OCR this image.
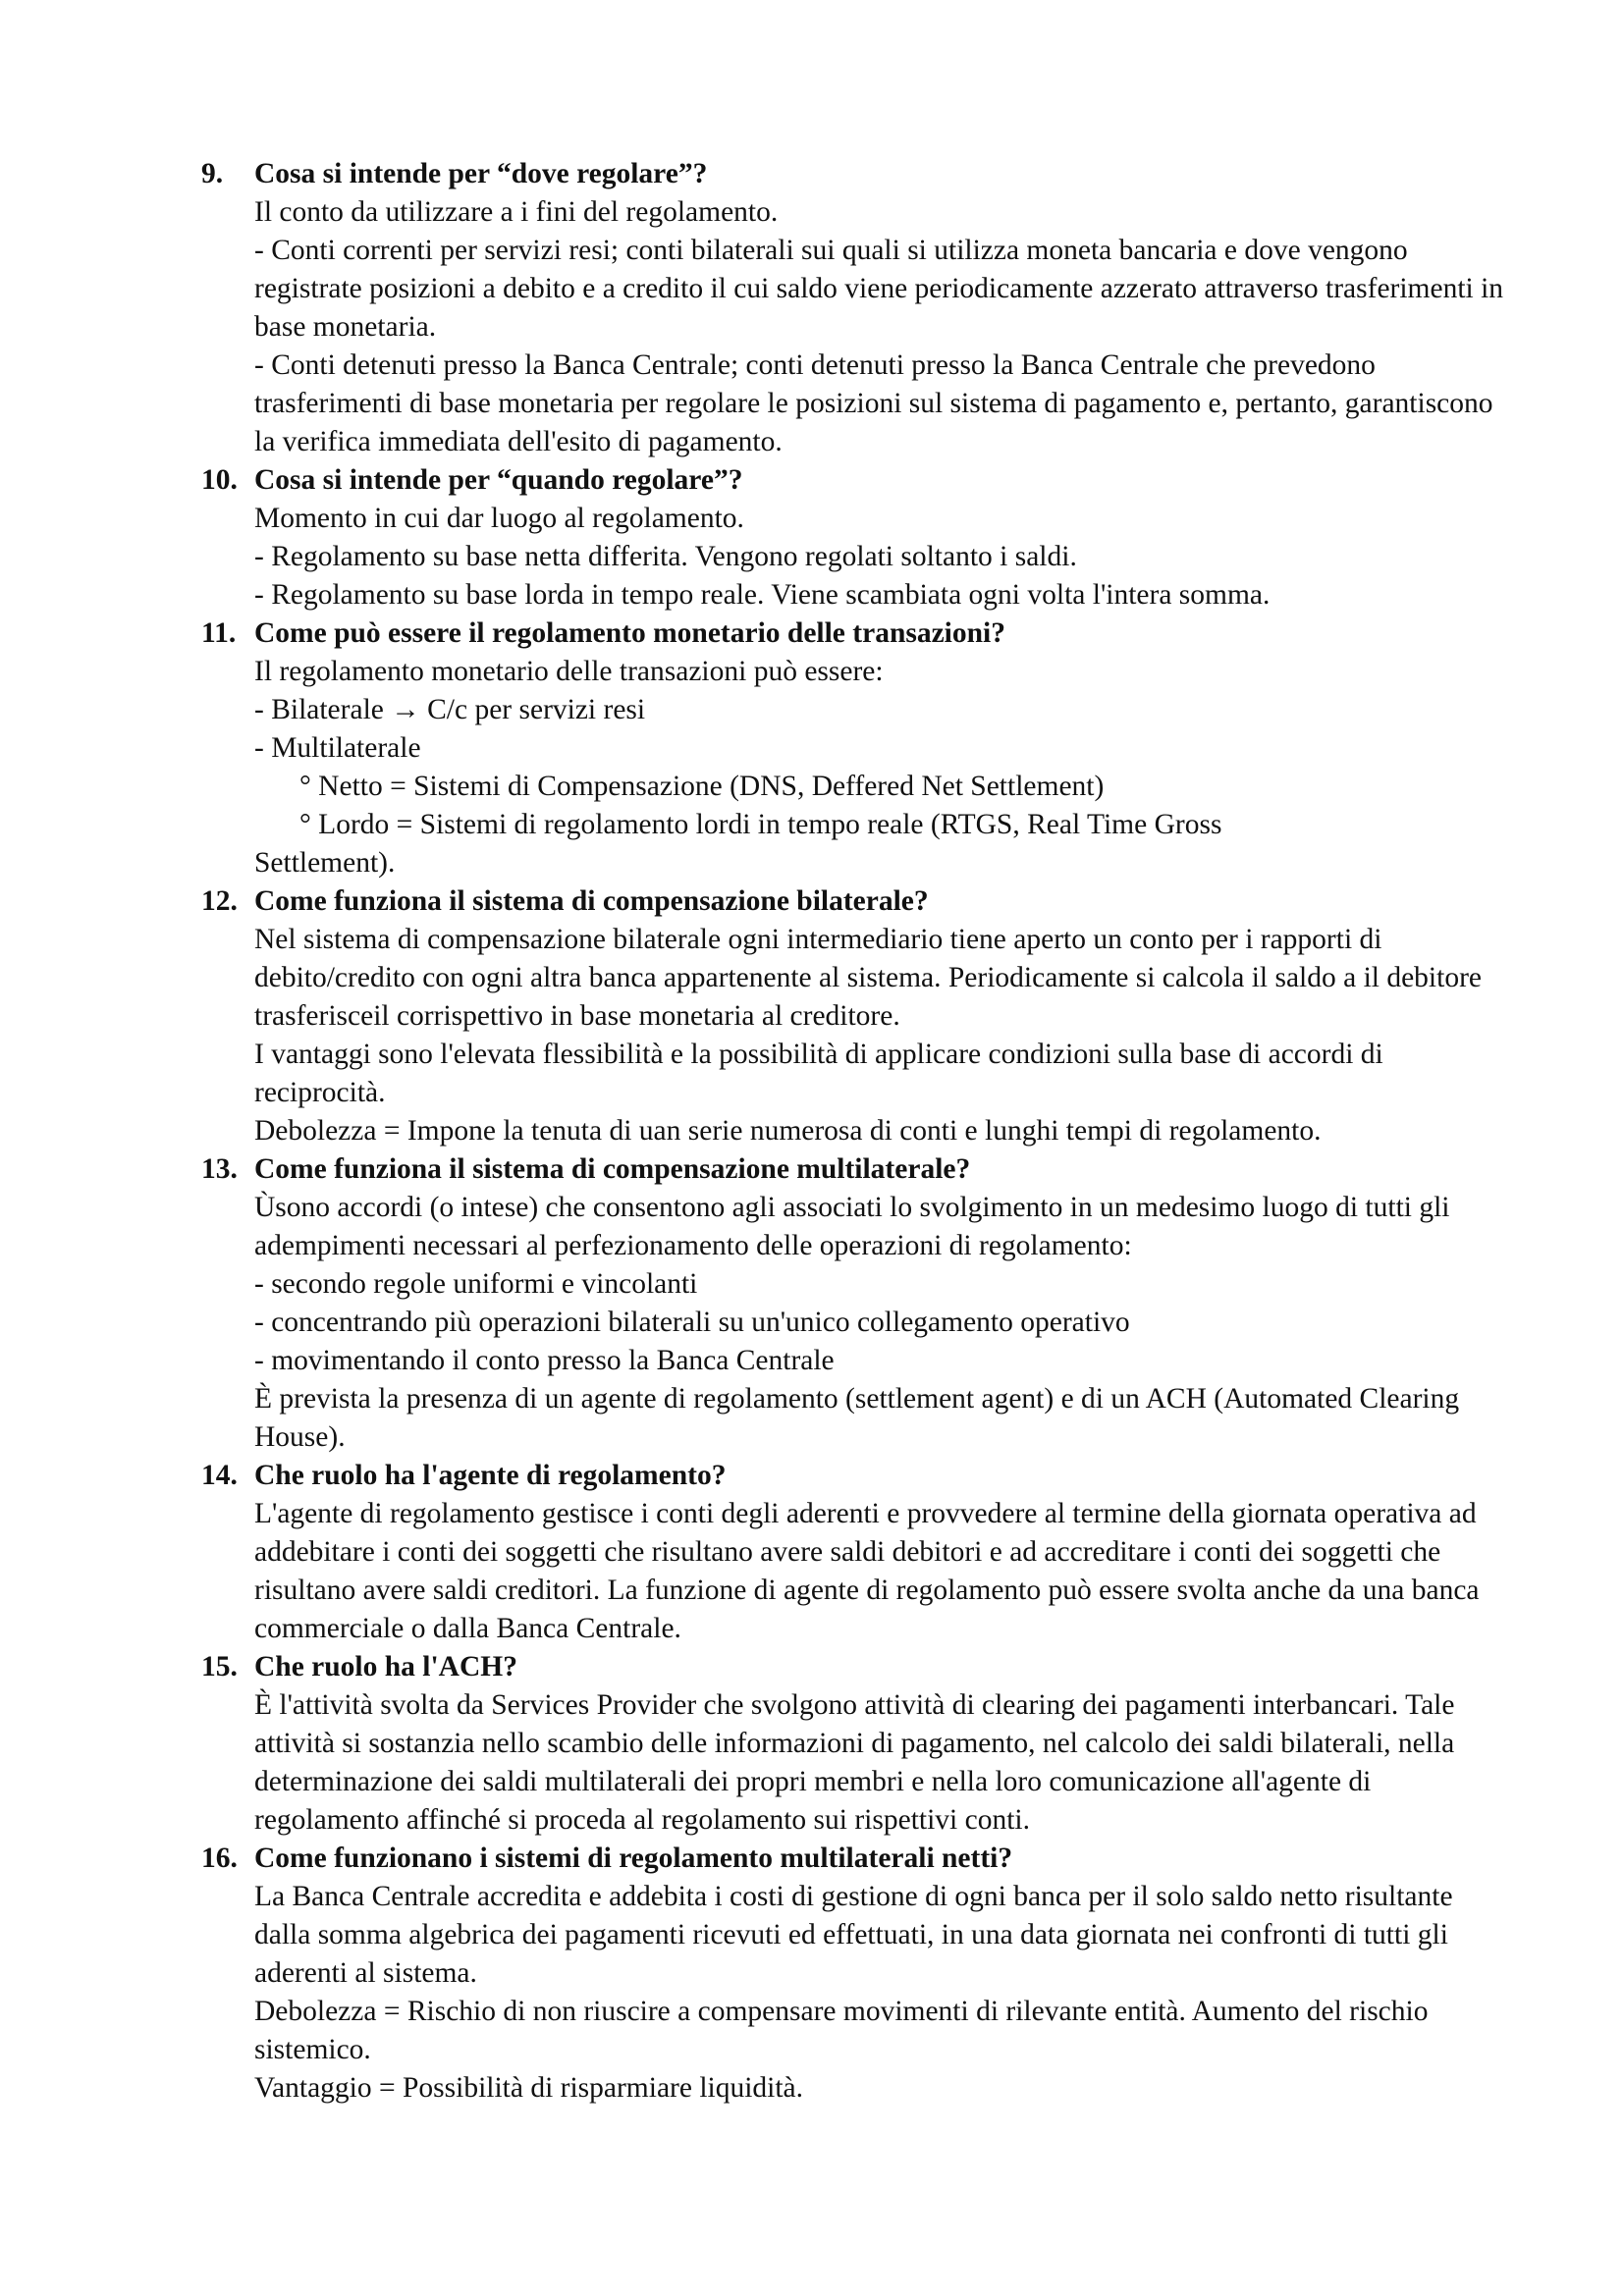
9.	Cosa si intende per “dove regolare”?

Il conto da utilizzare a i fini del regolamento.

- Conti correnti per servizi resi; conti bilaterali sui quali si utilizza moneta bancaria e dove vengono registrate posizioni a debito e a credito il cui saldo viene periodicamente azzerato attraverso trasferimenti in base monetaria.

- Conti detenuti presso la Banca Centrale; conti detenuti presso la Banca Centrale che prevedono trasferimenti di base monetaria per regolare le posizioni sul sistema di pagamento e, pertanto, garantiscono la verifica immediata dell'esito di pagamento.

10. Cosa si intende per “quando regolare”?

Momento in cui dar luogo al regolamento.

- Regolamento su base netta differita. Vengono regolati soltanto i saldi.

- Regolamento su base lorda in tempo reale. Viene scambiata ogni volta l'intera somma.

11. Come può essere il regolamento monetario delle transazioni?

Il regolamento monetario delle transazioni può essere:

- Bilaterale → C/c per servizi resi

- Multilaterale

° Netto = Sistemi di Compensazione (DNS, Deffered Net Settlement)

° Lordo = Sistemi di regolamento lordi in tempo reale (RTGS, Real Time Gross

Settlement).

12. Come funziona il sistema di compensazione bilaterale?

Nel sistema di compensazione bilaterale ogni intermediario tiene aperto un conto per i rapporti di debito/credito con ogni altra banca appartenente al sistema. Periodicamente si calcola il saldo a il debitore trasferisceil corrispettivo in base monetaria al creditore.

I vantaggi sono l'elevata flessibilità e la possibilità di applicare condizioni sulla base di accordi di reciprocità.

Debolezza = Impone la tenuta di uan serie numerosa di conti e lunghi tempi di regolamento.

13. Come funziona il sistema di compensazione multilaterale?

Ùsono accordi (o intese) che consentono agli associati lo svolgimento in un medesimo luogo di tutti gli adempimenti necessari al perfezionamento delle operazioni di regolamento:

- secondo regole uniformi e vincolanti

- concentrando più operazioni bilaterali su un'unico collegamento operativo

- movimentando il conto presso la Banca Centrale

È prevista la presenza di un agente di regolamento (settlement agent) e di un ACH (Automated Clearing House).

14. Che ruolo ha l'agente di regolamento?

L'agente di regolamento gestisce i conti degli aderenti e provvedere al termine della giornata operativa ad addebitare i conti dei soggetti che risultano avere saldi debitori e ad accreditare i conti dei soggetti che risultano avere saldi creditori. La funzione di agente di regolamento può essere svolta anche da una banca commerciale o dalla Banca Centrale.

15. Che ruolo ha l'ACH?

È l'attività svolta da Services Provider che svolgono attività di clearing dei pagamenti interbancari. Tale attività si sostanzia nello scambio delle informazioni di pagamento, nel calcolo dei saldi bilaterali, nella determinazione dei saldi multilaterali dei propri membri e nella loro comunicazione all'agente di regolamento affinché si proceda al regolamento sui rispettivi conti.

16. Come funzionano i sistemi di regolamento multilaterali netti?

La Banca Centrale accredita e addebita i costi di gestione di ogni banca per il solo saldo netto risultante dalla somma algebrica dei pagamenti ricevuti ed effettuati, in una data giornata nei confronti di tutti gli aderenti al sistema.

Debolezza = Rischio di non riuscire a compensare movimenti di rilevante entità. Aumento del rischio sistemico.

Vantaggio = Possibilità di risparmiare liquidità.
